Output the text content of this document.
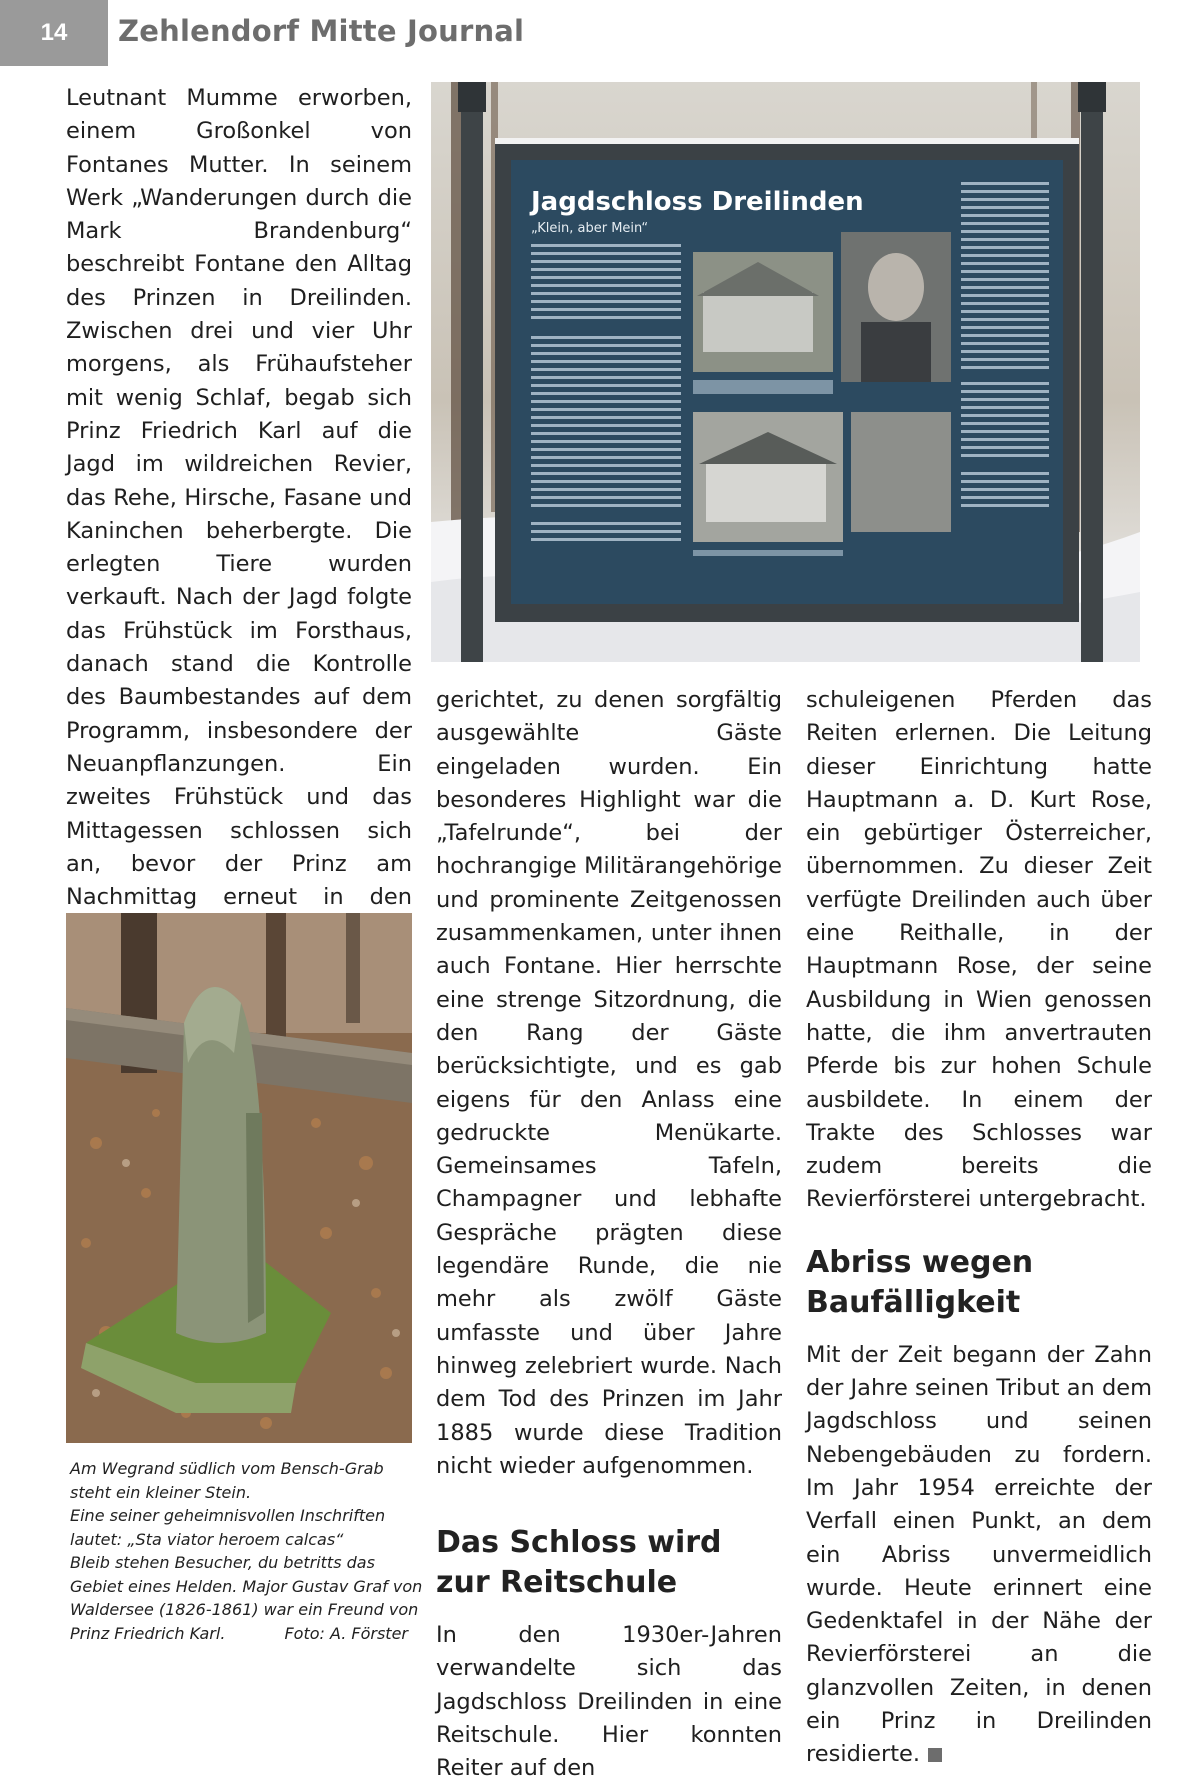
14	Zehlendorf Mitte Journal

Leutnant Mumme erworben, einem Großonkel von Fontanes Mutter. In seinem Werk „Wanderungen durch die Mark Brandenburg“ beschreibt Fontane den Alltag des Prinzen in Dreilinden. Zwischen drei und vier Uhr morgens, als Frühaufsteher mit wenig Schlaf, begab sich Prinz Friedrich Karl auf die Jagd im wildreichen Revier, das Rehe, Hirsche, Fasane und Kaninchen beherbergte. Die erlegten Tiere wurden verkauft. Nach der Jagd folgte das Frühstück im Forsthaus, danach stand die Kontrolle des Baumbestandes auf dem Programm, insbesondere der Neuanpflanzungen. Ein zweites Frühstück und das Mittagessen schlossen sich an, bevor der Prinz am Nachmittag erneut in den

Jagdschloss Dreilinden
„Klein, aber Mein“

gerichtet, zu denen sorgfältig ausgewählte Gäste eingeladen wurden. Ein besonderes Highlight war die „Tafelrunde“, bei der hochrangige Militärangehörige und prominente Zeitgenossen zusammenkamen, unter ihnen auch Fontane. Hier herrschte eine strenge Sitzordnung, die den Rang der Gäste berücksichtigte, und es gab eigens für den Anlass eine gedruckte Menükarte. Gemeinsames Tafeln, Champagner und lebhafte Gespräche prägten diese legendäre Runde, die nie mehr als zwölf Gäste umfasste und über Jahre hinweg zelebriert wurde. Nach dem Tod des Prinzen im Jahr 1885 wurde diese Tradition nicht wieder aufgenommen.

Das Schloss wird
zur Reitschule

In den 1930er-Jahren verwandelte sich das Jagdschloss Dreilinden in eine Reitschule. Hier konnten Reiter auf den

schuleigenen Pferden das Reiten erlernen. Die Leitung dieser Einrichtung hatte Hauptmann a. D. Kurt Rose, ein gebürtiger Österreicher, übernommen. Zu dieser Zeit verfügte Dreilinden auch über eine Reithalle, in der Hauptmann Rose, der seine Ausbildung in Wien genossen hatte, die ihm anvertrauten Pferde bis zur hohen Schule ausbildete. In einem der Trakte des Schlosses war zudem bereits die Revierförsterei untergebracht.

Abriss wegen
Baufälligkeit

Mit der Zeit begann der Zahn der Jahre seinen Tribut an dem Jagdschloss und seinen Nebengebäuden zu fordern. Im Jahr 1954 erreichte der Verfall einen Punkt, an dem ein Abriss unvermeidlich wurde. Heute erinnert eine Gedenktafel in der Nähe der Revierförsterei an die glanzvollen Zeiten, in denen ein Prinz in Dreilinden residierte.

Am Wegrand südlich vom Bensch-Grab
steht ein kleiner Stein.
Eine seiner geheimnisvollen Inschriften
lautet: „Sta viator heroem calcas“
Bleib stehen Besucher, du betritts das
Gebiet eines Helden. Major Gustav Graf von
Waldersee (1826-1861) war ein Freund von
Prinz Friedrich Karl.	Foto: A. Förster
